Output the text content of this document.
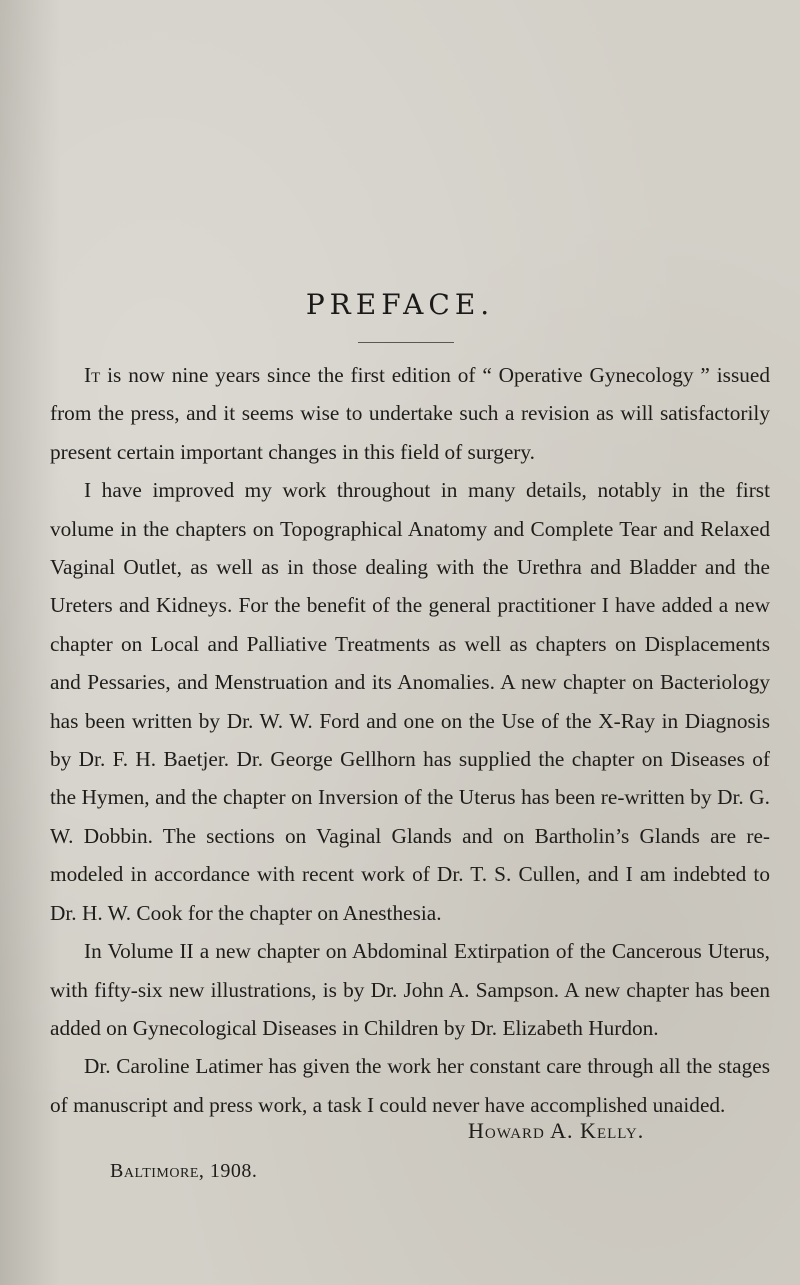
PREFACE.

It is now nine years since the first edition of “ Operative Gynecology ” issued from the press, and it seems wise to undertake such a revision as will satisfactorily present certain important changes in this field of surgery.

I have improved my work throughout in many details, notably in the first volume in the chapters on Topographical Anatomy and Complete Tear and Relaxed Vaginal Outlet, as well as in those dealing with the Urethra and Bladder and the Ureters and Kidneys. For the benefit of the general practitioner I have added a new chapter on Local and Palliative Treatments as well as chapters on Displacements and Pessaries, and Menstruation and its Anomalies. A new chapter on Bacteriology has been written by Dr. W. W. Ford and one on the Use of the X-Ray in Diagnosis by Dr. F. H. Baetjer. Dr. George Gellhorn has supplied the chapter on Diseases of the Hymen, and the chapter on Inversion of the Uterus has been re-written by Dr. G. W. Dobbin. The sections on Vaginal Glands and on Bartholin’s Glands are re-modeled in accordance with recent work of Dr. T. S. Cullen, and I am indebted to Dr. H. W. Cook for the chapter on Anesthesia.

In Volume II a new chapter on Abdominal Extirpation of the Cancerous Uterus, with fifty-six new illustrations, is by Dr. John A. Sampson. A new chapter has been added on Gynecological Diseases in Children by Dr. Elizabeth Hurdon.

Dr. Caroline Latimer has given the work her constant care through all the stages of manuscript and press work, a task I could never have accomplished unaided.

Howard A. Kelly.
Baltimore, 1908.
